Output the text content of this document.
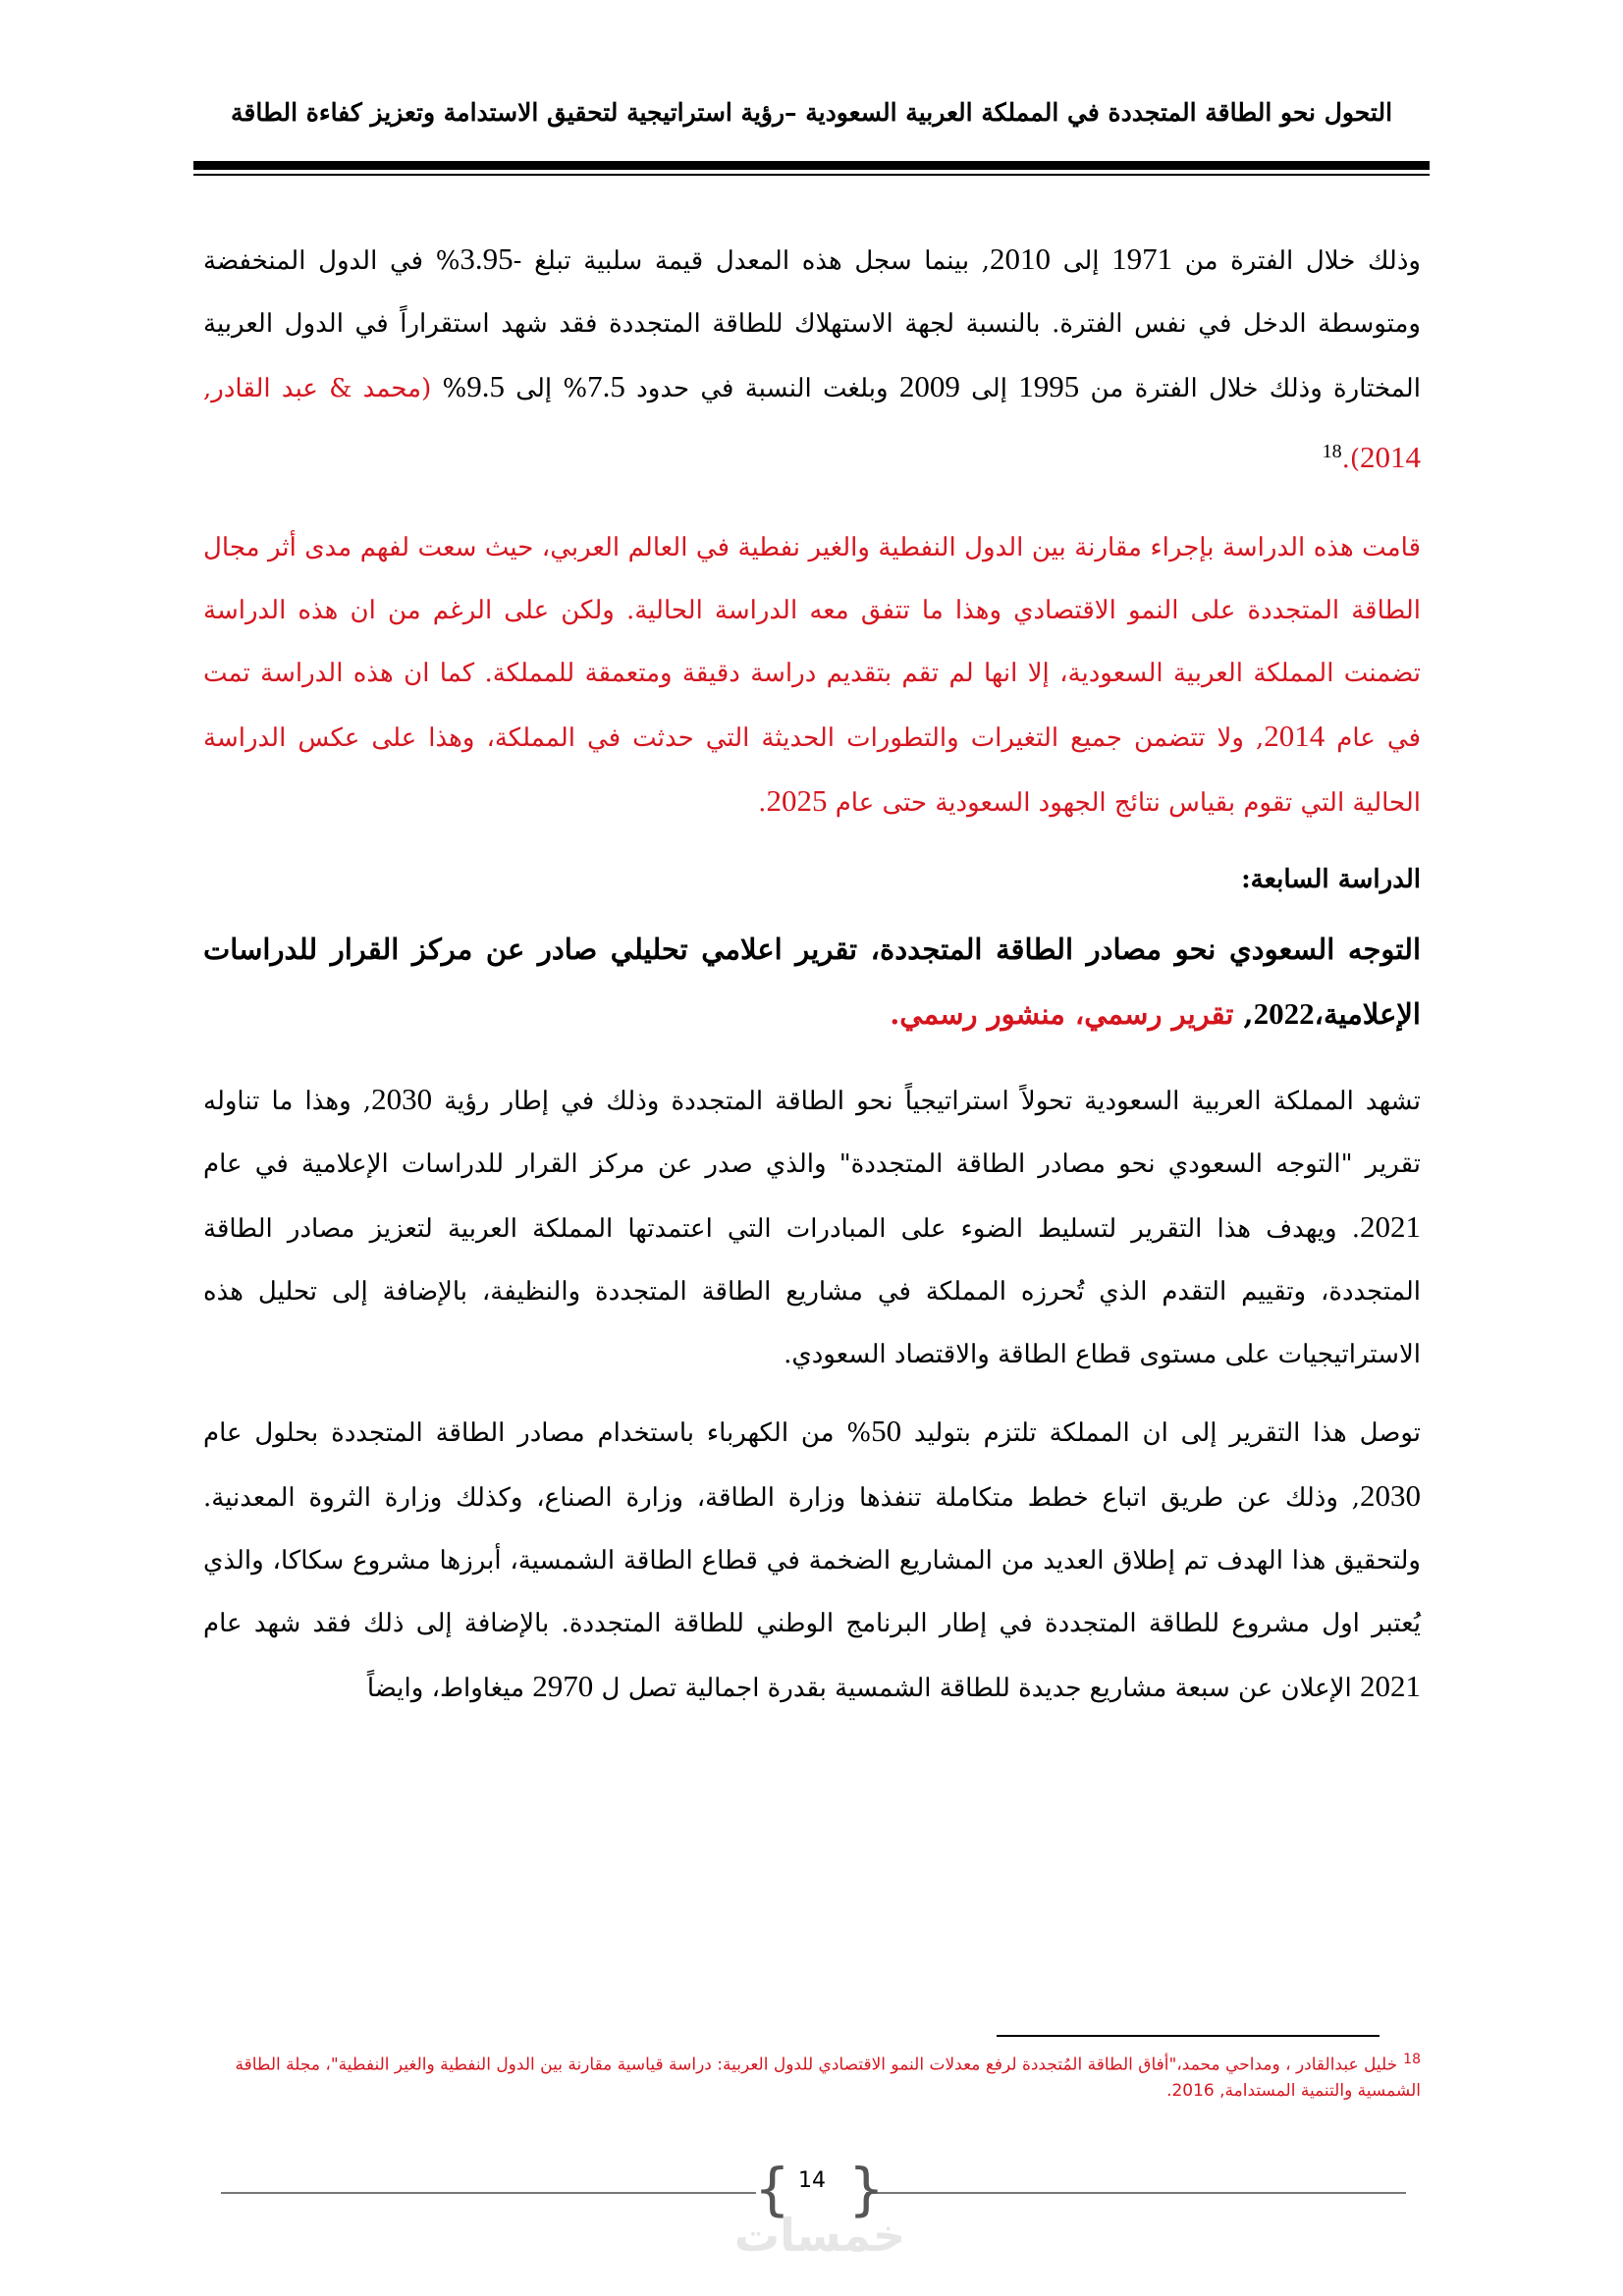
التحول نحو الطاقة المتجددة في المملكة العربية السعودية –رؤية استراتيجية لتحقيق الاستدامة وتعزيز كفاءة الطاقة

وذلك خلال الفترة من 1971 إلى 2010, بينما سجل هذه المعدل قيمة سلبية تبلغ -3.95% في الدول المنخفضة ومتوسطة الدخل في نفس الفترة. بالنسبة لجهة الاستهلاك للطاقة المتجددة فقد شهد استقراراً في الدول العربية المختارة وذلك خلال الفترة من 1995 إلى 2009 وبلغت النسبة في حدود 7.5% إلى 9.5% (محمد & عبد القادر, 2014).$^{18}$

قامت هذه الدراسة بإجراء مقارنة بين الدول النفطية والغير نفطية في العالم العربي، حيث سعت لفهم مدى أثر مجال الطاقة المتجددة على النمو الاقتصادي وهذا ما تتفق معه الدراسة الحالية. ولكن على الرغم من ان هذه الدراسة تضمنت المملكة العربية السعودية، إلا انها لم تقم بتقديم دراسة دقيقة ومتعمقة للمملكة. كما ان هذه الدراسة تمت في عام 2014, ولا تتضمن جميع التغيرات والتطورات الحديثة التي حدثت في المملكة، وهذا على عكس الدراسة الحالية التي تقوم بقياس نتائج الجهود السعودية حتى عام 2025.

الدراسة السابعة:
التوجه السعودي نحو مصادر الطاقة المتجددة، تقرير اعلامي تحليلي صادر عن مركز القرار للدراسات الإعلامية،2022, تقرير رسمي، منشور رسمي.

تشهد المملكة العربية السعودية تحولاً استراتيجياً نحو الطاقة المتجددة وذلك في إطار رؤية 2030, وهذا ما تناوله تقرير "التوجه السعودي نحو مصادر الطاقة المتجددة" والذي صدر عن مركز القرار للدراسات الإعلامية في عام 2021. ويهدف هذا التقرير لتسليط الضوء على المبادرات التي اعتمدتها المملكة العربية لتعزيز مصادر الطاقة المتجددة، وتقييم التقدم الذي تُحرزه المملكة في مشاريع الطاقة المتجددة والنظيفة، بالإضافة إلى تحليل هذه الاستراتيجيات على مستوى قطاع الطاقة والاقتصاد السعودي.

توصل هذا التقرير إلى ان المملكة تلتزم بتوليد 50% من الكهرباء باستخدام مصادر الطاقة المتجددة بحلول عام 2030, وذلك عن طريق اتباع خطط متكاملة تنفذها وزارة الطاقة، وزارة الصناع، وكذلك وزارة الثروة المعدنية. ولتحقيق هذا الهدف تم إطلاق العديد من المشاريع الضخمة في قطاع الطاقة الشمسية، أبرزها مشروع سكاكا، والذي يُعتبر اول مشروع للطاقة المتجددة في إطار البرنامج الوطني للطاقة المتجددة. بالإضافة إلى ذلك فقد شهد عام 2021 الإعلان عن سبعة مشاريع جديدة للطاقة الشمسية بقدرة اجمالية تصل ل 2970 ميغاواط، وايضاً

$^{18}$خليل عبدالقادر ، ومداحي محمد،"أفاق الطاقة المُتجددة لرفع معدلات النمو الاقتصادي للدول العربية: دراسة قياسية مقارنة بين الدول النفطية والغير النفطية"، مجلة الطاقة الشمسية والتنمية المستدامة, 2016.
{ }
14
خمسات
